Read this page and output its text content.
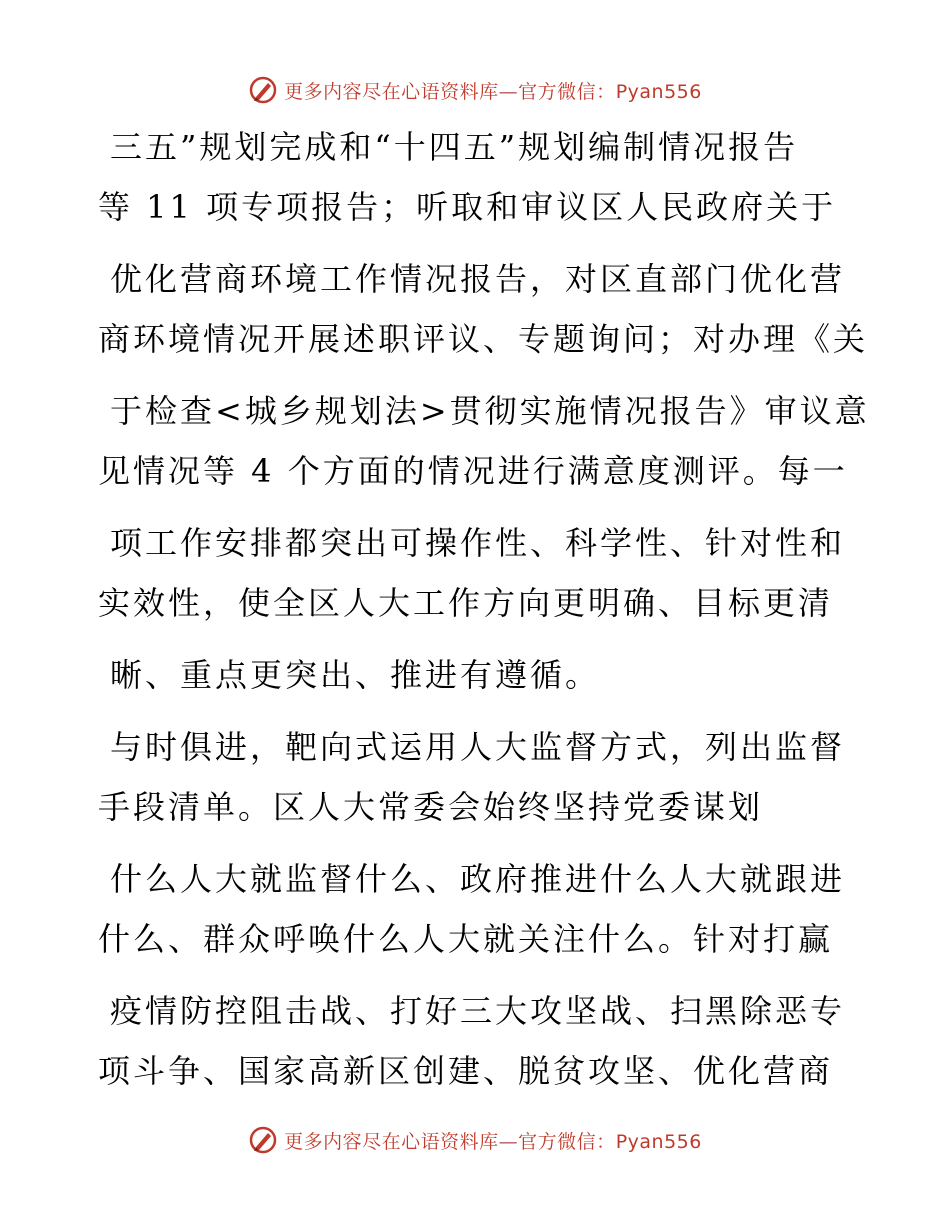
更多内容尽在心语资料库—官方微信：Pyan556
三五”规划完成和“十四五”规划编制情况报告
等 11 项专项报告；听取和审议区人民政府关于
优化营商环境工作情况报告，对区直部门优化营
商环境情况开展述职评议、专题询问；对办理《关
于检查<城乡规划法>贯彻实施情况报告》审议意
见情况等 4 个方面的情况进行满意度测评。每一
项工作安排都突出可操作性、科学性、针对性和
实效性，使全区人大工作方向更明确、目标更清
晰、重点更突出、推进有遵循。
与时俱进，靶向式运用人大监督方式，列出监督
手段清单。区人大常委会始终坚持党委谋划
什么人大就监督什么、政府推进什么人大就跟进
什么、群众呼唤什么人大就关注什么。针对打赢
疫情防控阻击战、打好三大攻坚战、扫黑除恶专
项斗争、国家高新区创建、脱贫攻坚、优化营商
更多内容尽在心语资料库—官方微信：Pyan556
